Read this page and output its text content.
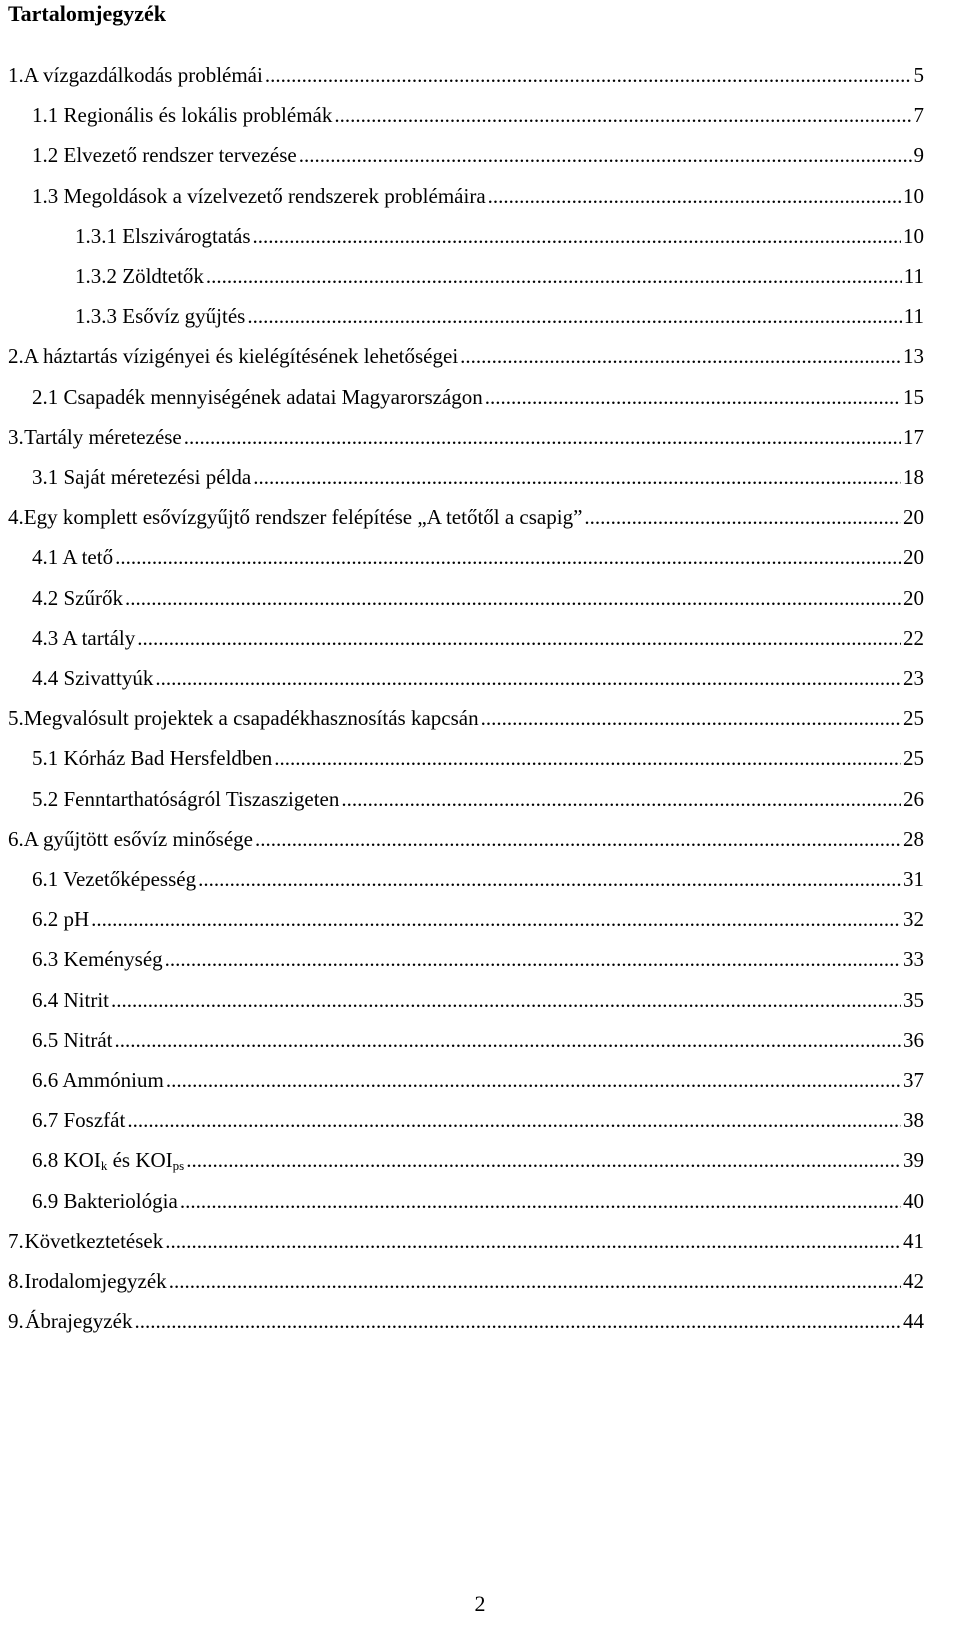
Tartalomjegyzék
1. A vízgazdálkodás problémái .....	5
1.1 Regionális és lokális problémák .....	7
1.2 Elvezető rendszer tervezése .....	9
1.3 Megoldások a vízelvezető rendszerek problémáira .....	10
1.3.1 Elszivárogtatás .....	10
1.3.2 Zöldtetők .....	11
1.3.3 Esővíz gyűjtés .....	11
2. A háztartás vízigényei és kielégítésének lehetőségei .....	13
2.1 Csapadék mennyiségének adatai Magyarországon .....	15
3. Tartály méretezése .....	17
3.1 Saját méretezési példa .....	18
4. Egy komplett esővízgyűjtő rendszer felépítése „A tetőtől a csapig” .....	20
4.1 A tető .....	20
4.2 Szűrők .....	20
4.3 A tartály .....	22
4.4 Szivattyúk .....	23
5. Megvalósult projektek a csapadékhasznosítás kapcsán .....	25
5.1 Kórház Bad Hersfeldben .....	25
5.2 Fenntarthatóságról Tiszaszigeten .....	26
6. A gyűjtött esővíz minősége .....	28
6.1 Vezetőképesség .....	31
6.2 pH .....	32
6.3 Keménység .....	33
6.4 Nitrit .....	35
6.5 Nitrát .....	36
6.6 Ammónium .....	37
6.7 Foszfát .....	38
6.8 $KOI_k$ és $KOI_{ps}$ .....	39
6.9 Bakteriológia .....	40
7. Következtetések .....	41
8. Irodalomjegyzék .....	42
9. Ábrajegyzék .....	44
2
